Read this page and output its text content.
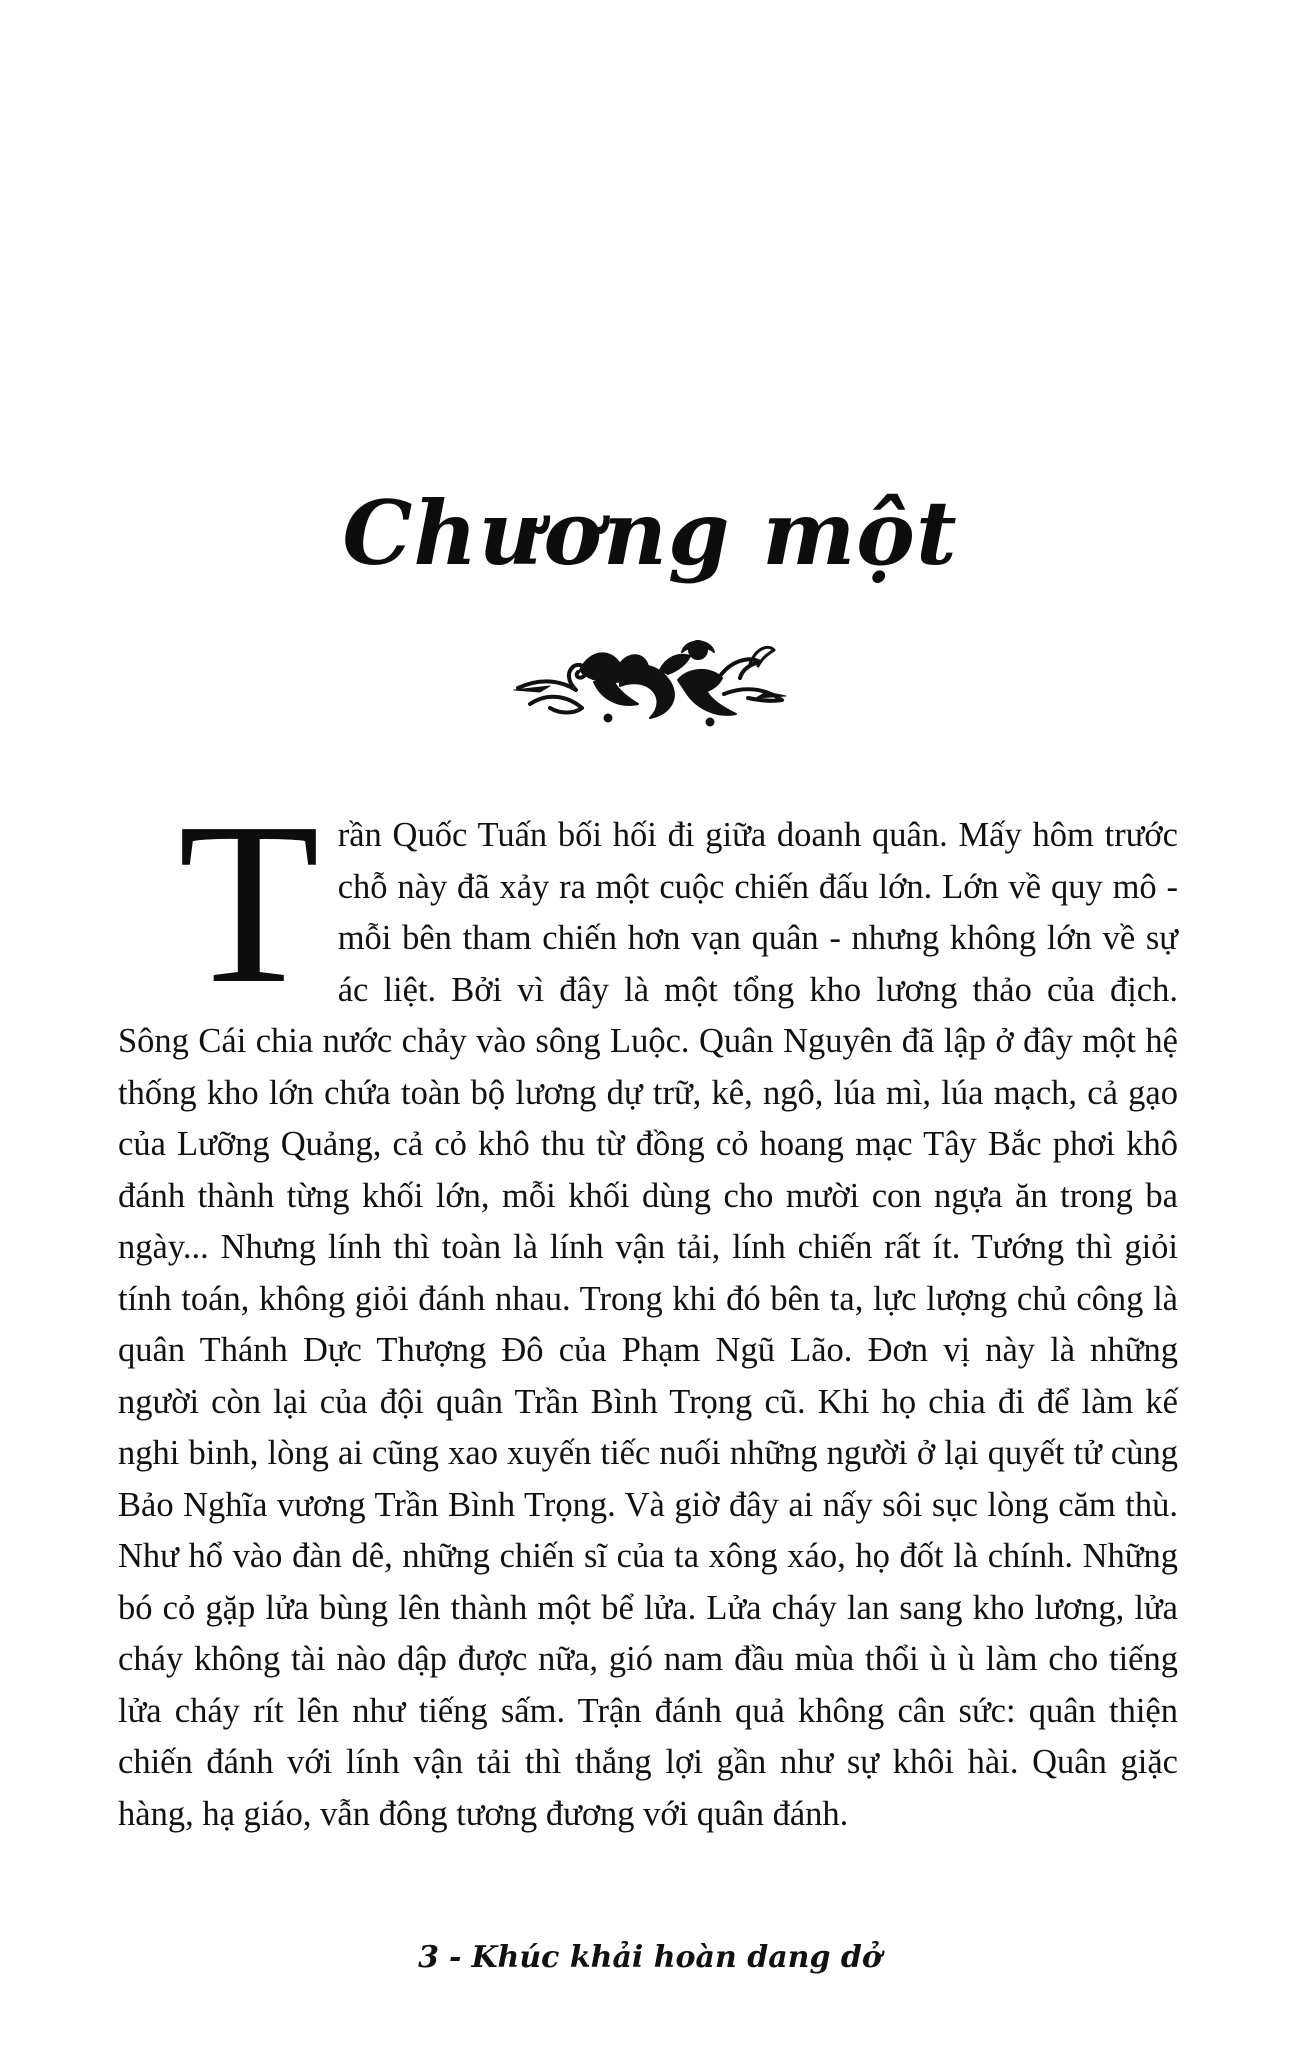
Chương một

Trần Quốc Tuấn bối hối đi giữa doanh quân. Mấy hôm trước chỗ này đã xảy ra một cuộc chiến đấu lớn. Lớn về quy mô - mỗi bên tham chiến hơn vạn quân - nhưng không lớn về sự ác liệt. Bởi vì đây là một tổng kho lương thảo của địch. Sông Cái chia nước chảy vào sông Luộc. Quân Nguyên đã lập ở đây một hệ thống kho lớn chứa toàn bộ lương dự trữ, kê, ngô, lúa mì, lúa mạch, cả gạo của Lưỡng Quảng, cả cỏ khô thu từ đồng cỏ hoang mạc Tây Bắc phơi khô đánh thành từng khối lớn, mỗi khối dùng cho mười con ngựa ăn trong ba ngày... Nhưng lính thì toàn là lính vận tải, lính chiến rất ít. Tướng thì giỏi tính toán, không giỏi đánh nhau. Trong khi đó bên ta, lực lượng chủ công là quân Thánh Dực Thượng Đô của Phạm Ngũ Lão. Đơn vị này là những người còn lại của đội quân Trần Bình Trọng cũ. Khi họ chia đi để làm kế nghi binh, lòng ai cũng xao xuyến tiếc nuối những người ở lại quyết tử cùng Bảo Nghĩa vương Trần Bình Trọng. Và giờ đây ai nấy sôi sục lòng căm thù. Như hổ vào đàn dê, những chiến sĩ của ta xông xáo, họ đốt là chính. Những bó cỏ gặp lửa bùng lên thành một bể lửa. Lửa cháy lan sang kho lương, lửa cháy không tài nào dập được nữa, gió nam đầu mùa thổi ù ù làm cho tiếng lửa cháy rít lên như tiếng sấm. Trận đánh quả không cân sức: quân thiện chiến đánh với lính vận tải thì thắng lợi gần như sự khôi hài. Quân giặc hàng, hạ giáo, vẫn đông tương đương với quân đánh.

3 - Khúc khải hoàn dang dở
